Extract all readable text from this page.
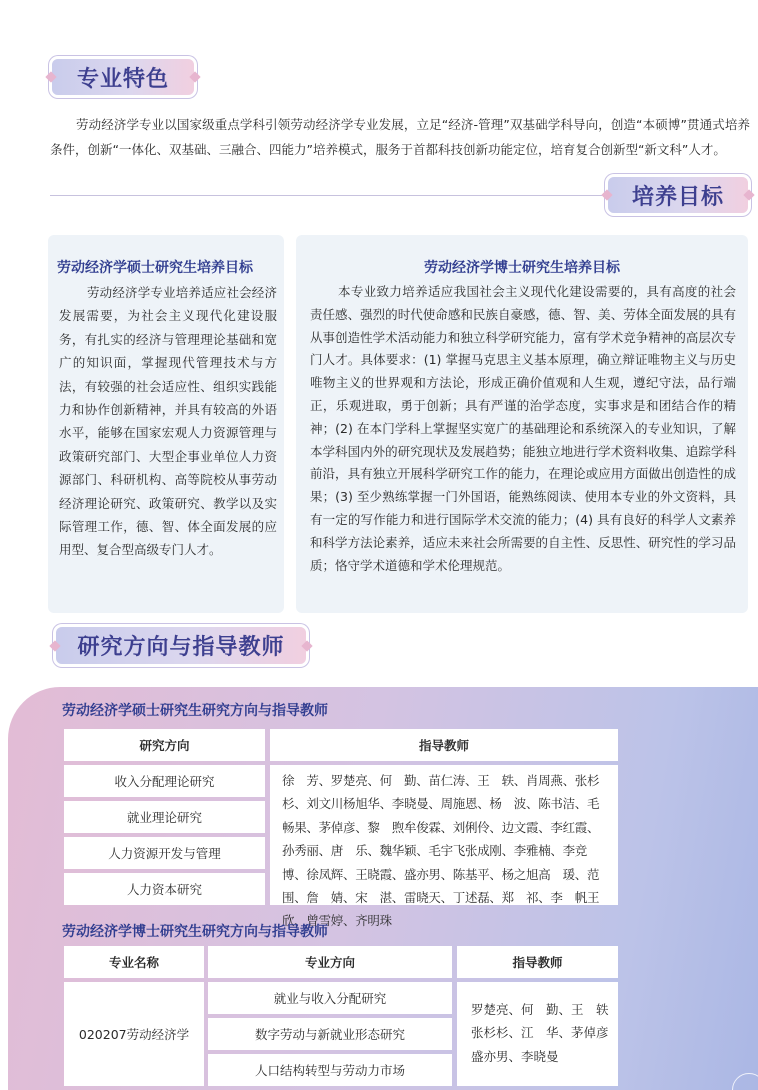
专业特色
劳动经济学专业以国家级重点学科引领劳动经济学专业发展，立足“经济-管理”双基础学科导向，创造“本硕博”贯通式培养条件，创新“一体化、双基础、三融合、四能力”培养模式，服务于首都科技创新功能定位，培育复合创新型“新文科”人才。
培养目标
劳动经济学硕士研究生培养目标
劳动经济学专业培养适应社会经济发展需要，为社会主义现代化建设服务，有扎实的经济与管理理论基础和宽广的知识面，掌握现代管理技术与方法，有较强的社会适应性、组织实践能力和协作创新精神，并具有较高的外语水平，能够在国家宏观人力资源管理与政策研究部门、大型企事业单位人力资源部门、科研机构、高等院校从事劳动经济理论研究、政策研究、教学以及实际管理工作，德、智、体全面发展的应用型、复合型高级专门人才。
劳动经济学博士研究生培养目标
本专业致力培养适应我国社会主义现代化建设需要的，具有高度的社会责任感、强烈的时代使命感和民族自豪感，德、智、美、劳体全面发展的具有从事创造性学术活动能力和独立科学研究能力，富有学术竞争精神的高层次专门人才。具体要求：(1) 掌握马克思主义基本原理，确立辩证唯物主义与历史唯物主义的世界观和方法论，形成正确价值观和人生观，遵纪守法，品行端正，乐观进取，勇于创新；具有严谨的治学态度，实事求是和团结合作的精神；(2) 在本门学科上掌握坚实宽广的基础理论和系统深入的专业知识，了解本学科国内外的研究现状及发展趋势；能独立地进行学术资料收集、追踪学科前沿，具有独立开展科学研究工作的能力，在理论或应用方面做出创造性的成果；(3) 至少熟练掌握一门外国语，能熟练阅读、使用本专业的外文资料，具有一定的写作能力和进行国际学术交流的能力；(4) 具有良好的科学人文素养和科学方法论素养，适应未来社会所需要的自主性、反思性、研究性的学习品质；恪守学术道德和学术伦理规范。
研究方向与指导教师
劳动经济学硕士研究生研究方向与指导教师
研究方向	指导教师
收入分配理论研究
就业理论研究
人力资源开发与管理
人力资本研究
徐　芳、罗楚亮、何　勤、苗仁涛、王　轶、肖周燕、张杉杉、刘文川杨旭华、李晓曼、周施恩、杨　波、陈书洁、毛畅果、茅倬彦、黎　煦牟俊霖、刘俐伶、边文霞、李红霞、孙秀丽、唐　乐、魏华颖、毛宇飞张成刚、李雅楠、李竞博、徐凤辉、王晓霞、盛亦男、陈基平、杨之旭高　瑗、范　围、詹　婧、宋　湛、雷晓天、丁述磊、郑　祁、李　帆王　欣、曾雪婷、齐明珠
劳动经济学博士研究生研究方向与指导教师
专业名称	专业方向	指导教师
020207劳动经济学
就业与收入分配研究
数字劳动与新就业形态研究
人口结构转型与劳动力市场
罗楚亮、何　勤、王　轶张杉杉、江　华、茅倬彦盛亦男、李晓曼
